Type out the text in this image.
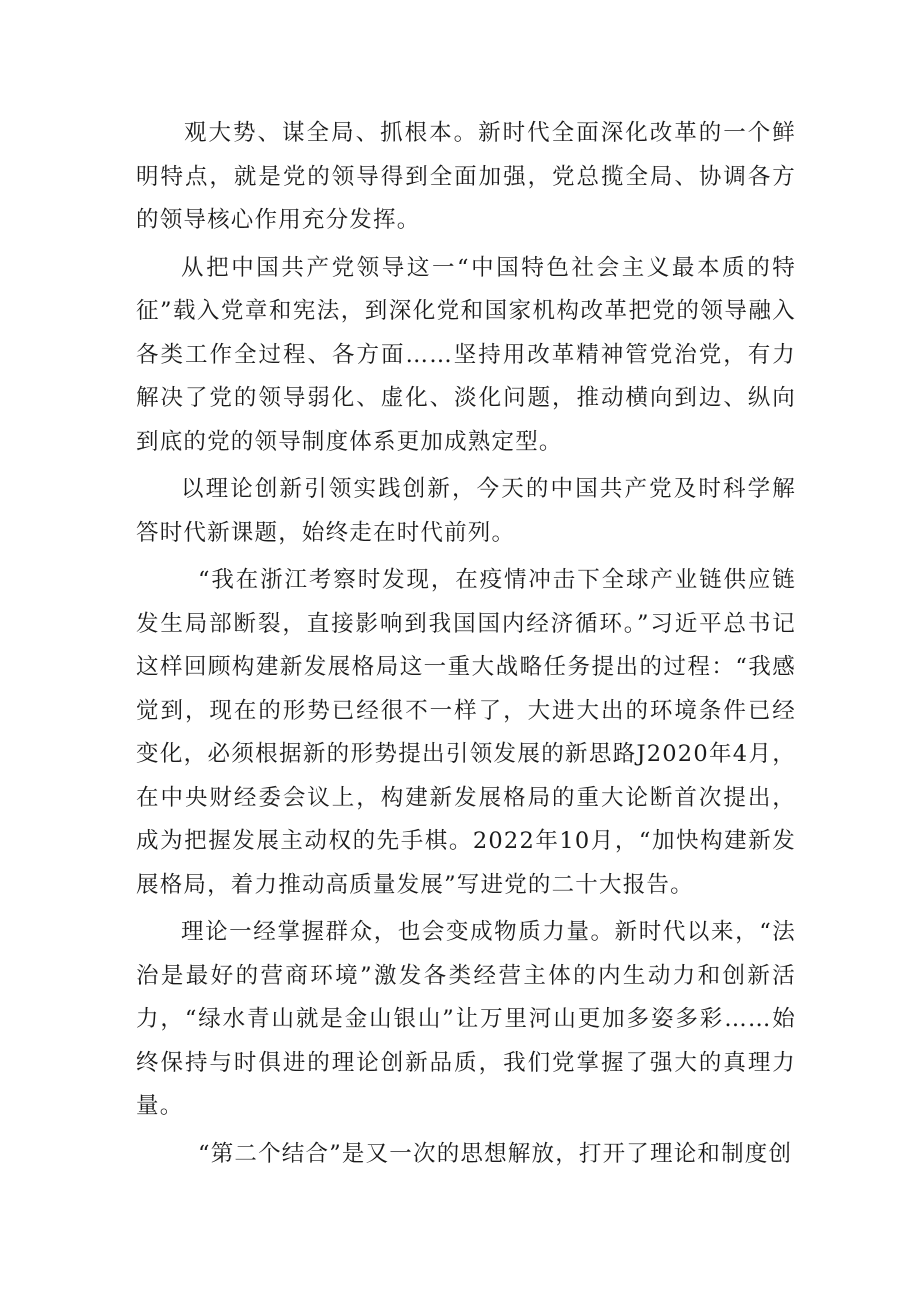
观大势、谋全局、抓根本。新时代全面深化改革的一个鲜明特点，就是党的领导得到全面加强，党总揽全局、协调各方的领导核心作用充分发挥。

从把中国共产党领导这一“中国特色社会主义最本质的特征”载入党章和宪法，到深化党和国家机构改革把党的领导融入各类工作全过程、各方面……坚持用改革精神管党治党，有力解决了党的领导弱化、虚化、淡化问题，推动横向到边、纵向到底的党的领导制度体系更加成熟定型。

以理论创新引领实践创新，今天的中国共产党及时科学解答时代新课题，始终走在时代前列。

“我在浙江考察时发现，在疫情冲击下全球产业链供应链发生局部断裂，直接影响到我国国内经济循环。”习近平总书记这样回顾构建新发展格局这一重大战略任务提出的过程：“我感觉到，现在的形势已经很不一样了，大进大出的环境条件已经变化，必须根据新的形势提出引领发展的新思路J2020年4月，在中央财经委会议上，构建新发展格局的重大论断首次提出，成为把握发展主动权的先手棋。2022年10月，“加快构建新发展格局，着力推动高质量发展”写进党的二十大报告。

理论一经掌握群众，也会变成物质力量。新时代以来，“法治是最好的营商环境”激发各类经营主体的内生动力和创新活力，“绿水青山就是金山银山”让万里河山更加多姿多彩……始终保持与时俱进的理论创新品质，我们党掌握了强大的真理力量。

“第二个结合”是又一次的思想解放，打开了理论和制度创
